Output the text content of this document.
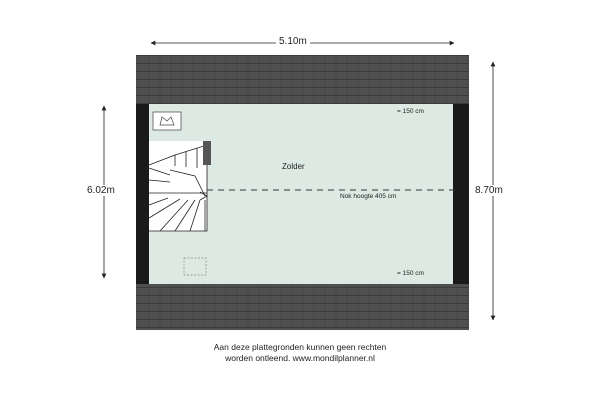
5.10m
6.02m	8.70m
Zolder
= 150 cm
= 150 cm
Nok hoogte 405 cm
Aan deze plattegronden kunnen geen rechten
worden ontleend. www.mondilplanner.nl
